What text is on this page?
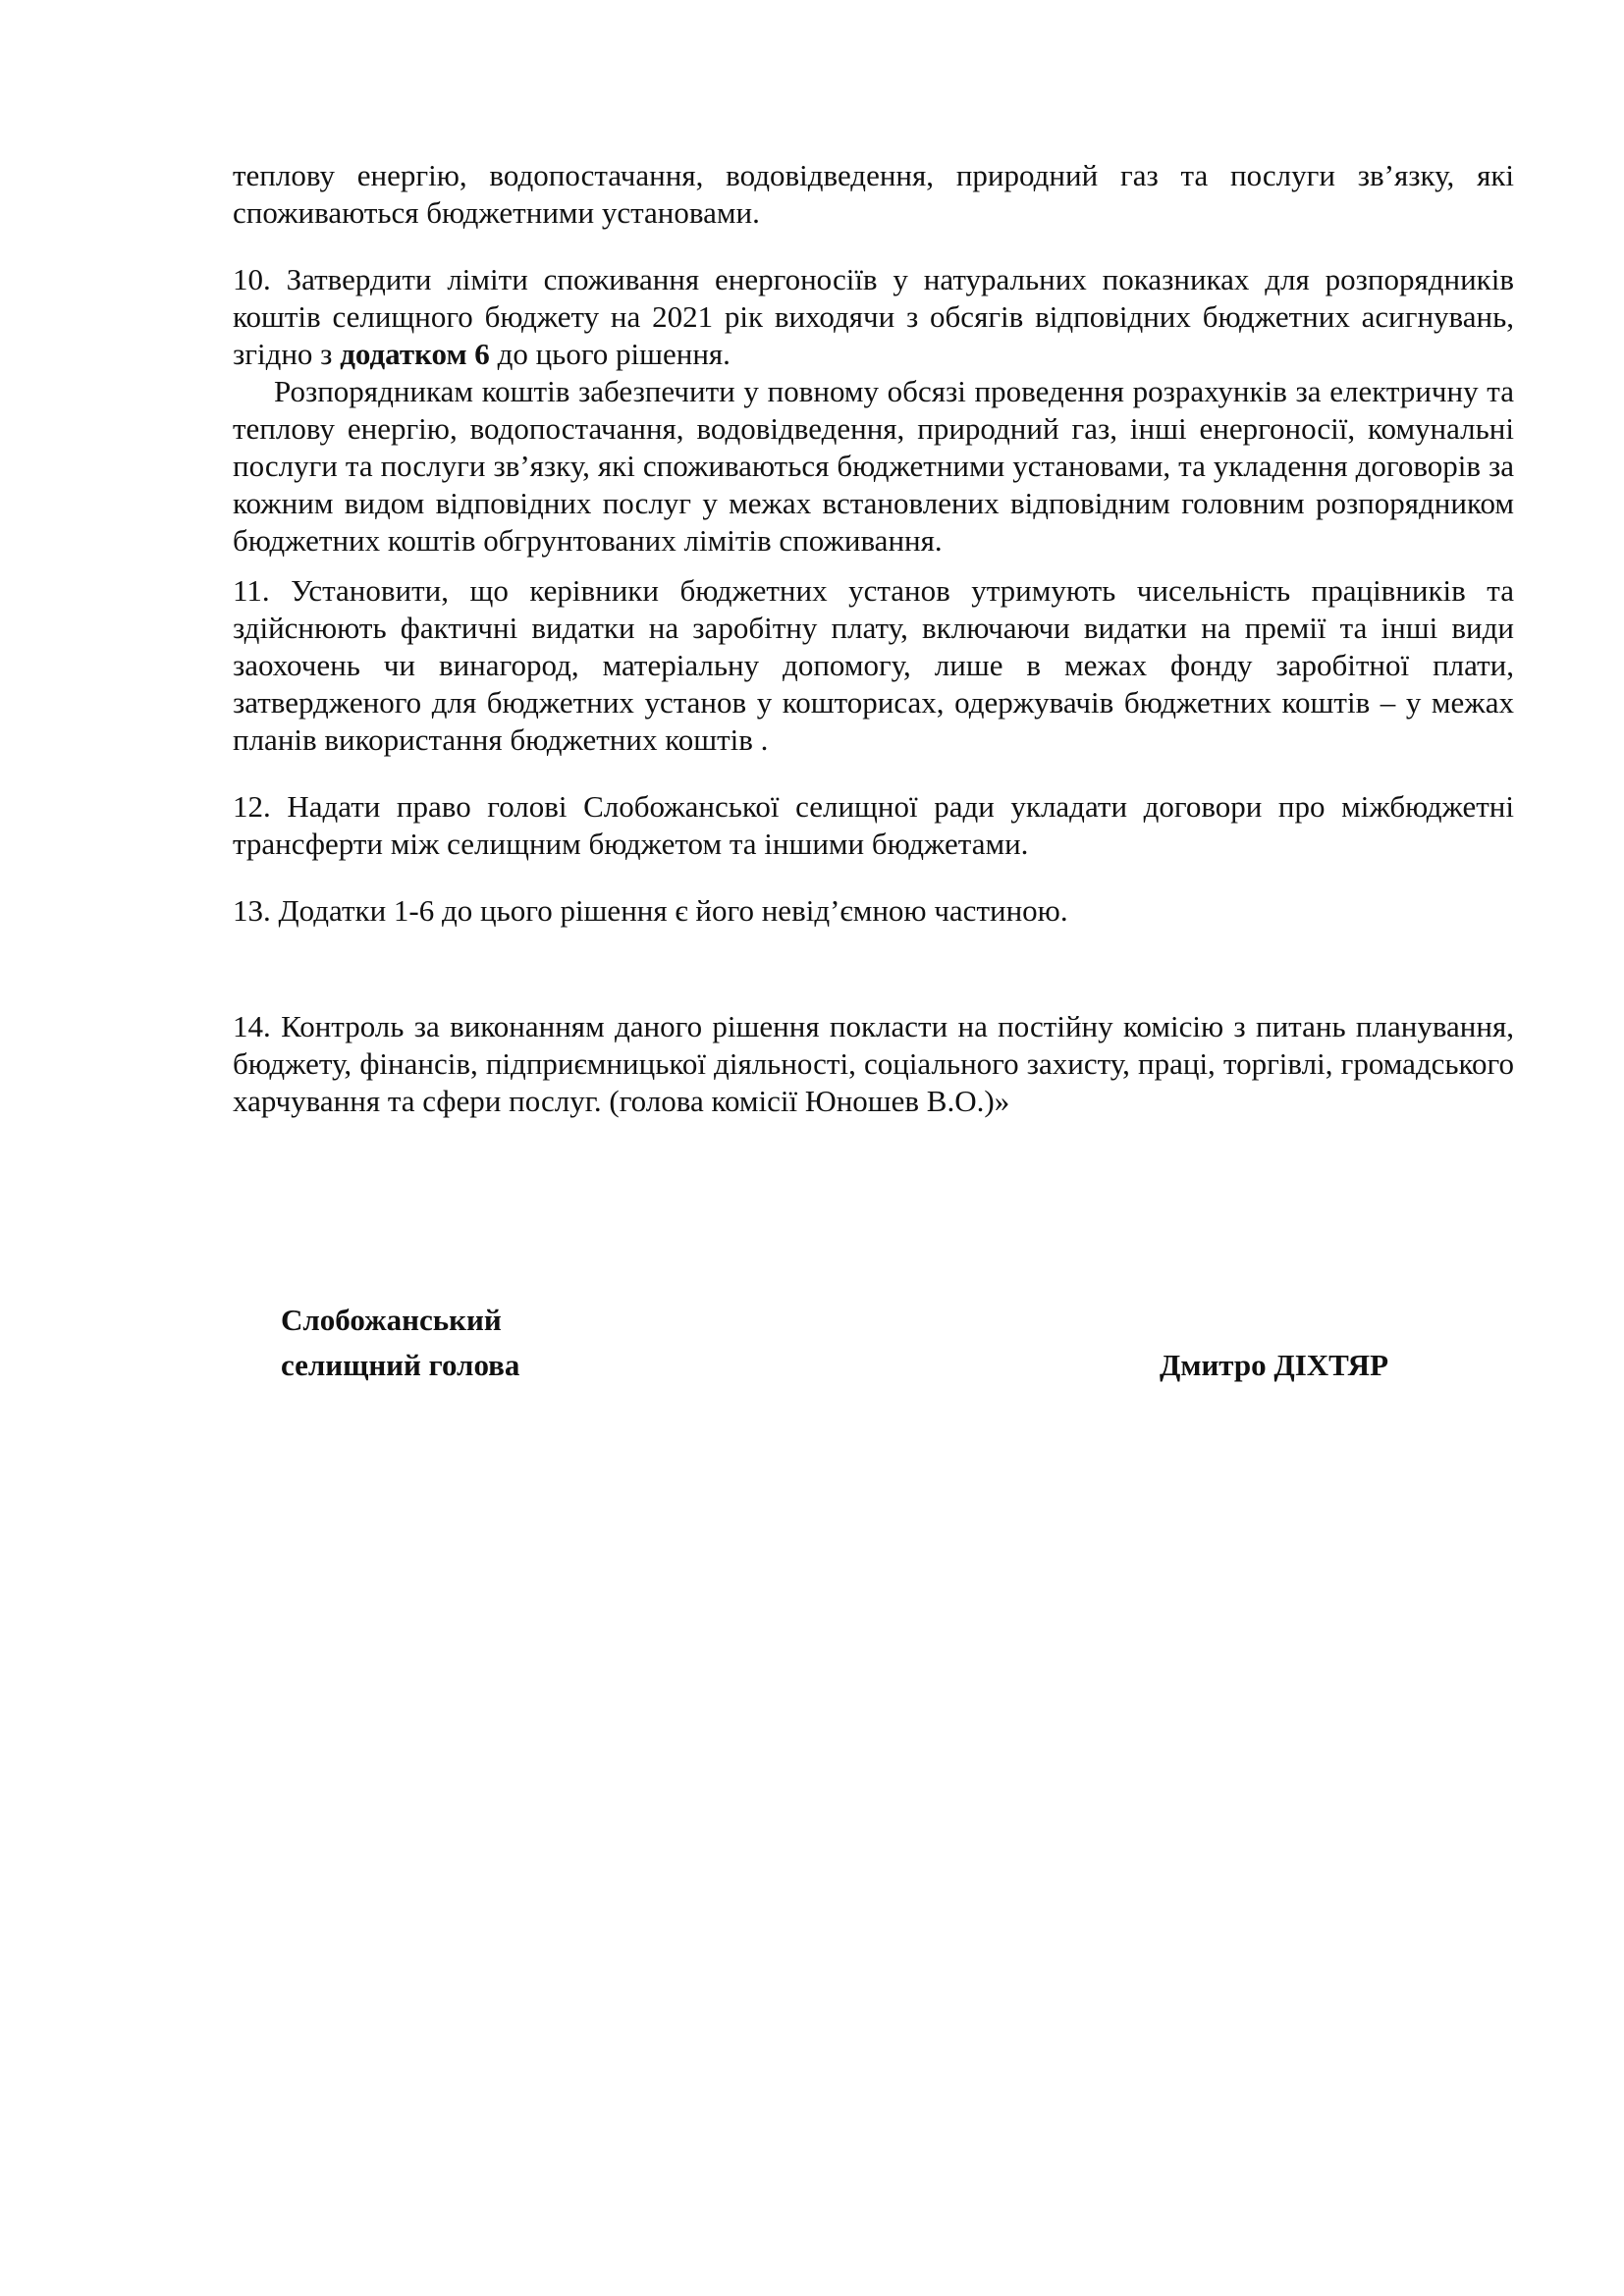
теплову енергію, водопостачання, водовідведення, природний газ та послуги зв’язку, які споживаються бюджетними установами.

10. Затвердити ліміти споживання енергоносіїв у натуральних показниках для розпорядників коштів селищного бюджету на 2021 рік виходячи з обсягів відповідних бюджетних асигнувань, згідно з додатком 6 до цього рішення.

Розпорядникам коштів забезпечити у повному обсязі проведення розрахунків за електричну та теплову енергію, водопостачання, водовідведення, природний газ, інші енергоносії, комунальні послуги та послуги зв’язку, які споживаються бюджетними установами, та укладення договорів за кожним видом відповідних послуг у межах встановлених відповідним головним розпорядником бюджетних коштів обгрунтованих лімітів споживання.

11. Установити, що керівники бюджетних установ утримують чисельність працівників та здійснюють фактичні видатки на заробітну плату, включаючи видатки на премії та інші види заохочень чи винагород, матеріальну допомогу, лише в межах фонду заробітної плати, затвердженого для бюджетних установ у кошторисах, одержувачів бюджетних коштів – у межах планів використання бюджетних коштів .

12. Надати право голові Слобожанської селищної ради укладати договори про міжбюджетні трансферти між селищним бюджетом та іншими бюджетами.

13. Додатки 1-6 до цього рішення є його невід’ємною частиною.

14. Контроль за виконанням даного рішення покласти на постійну комісію з питань планування, бюджету, фінансів, підприємницької діяльності, соціального захисту, праці, торгівлі, громадського харчування та сфери послуг. (голова комісії Юношев В.О.)»

Слобожанський
селищний голова	Дмитро ДІХТЯР
